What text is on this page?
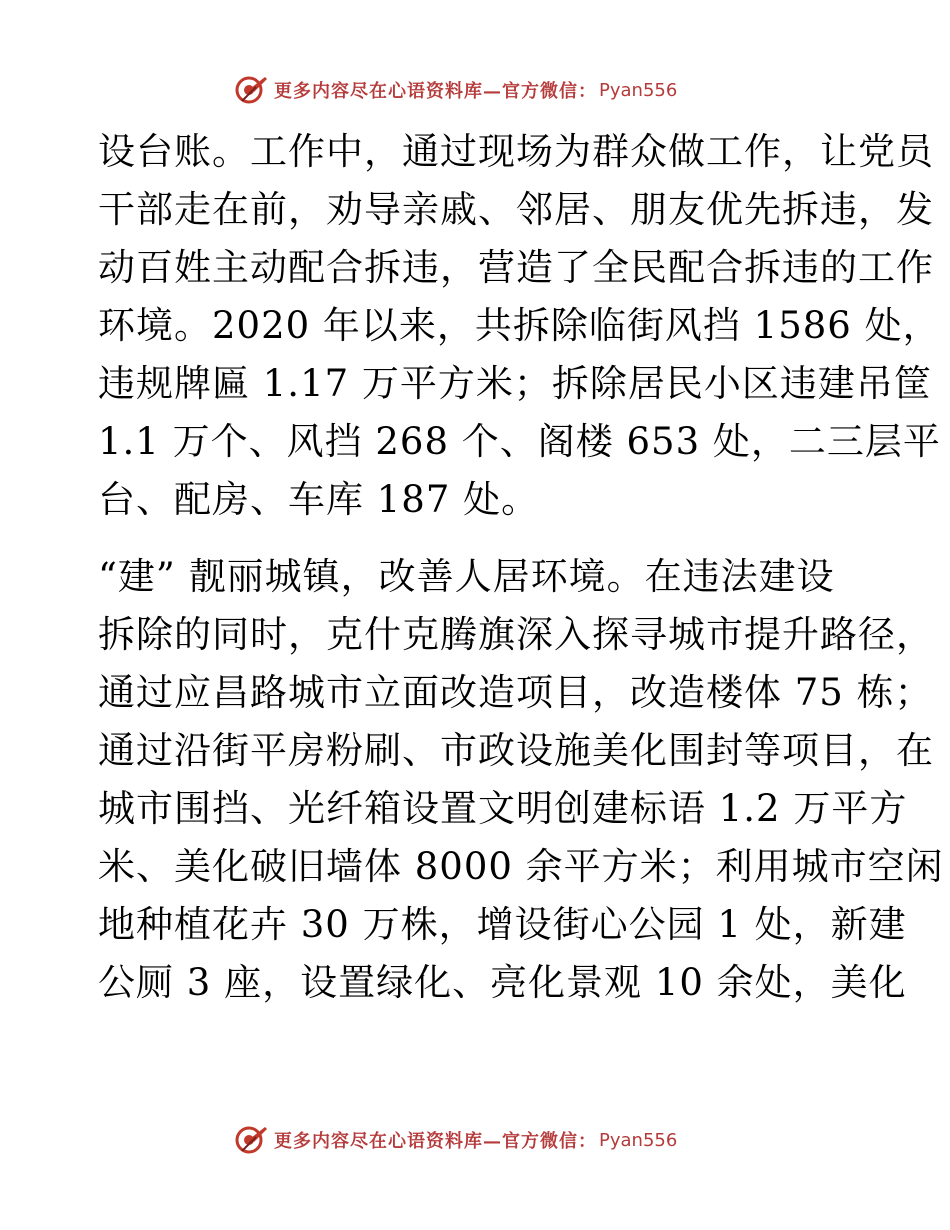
更多内容尽在心语资料库—官方微信： Pyan556
设台账。工作中，通过现场为群众做工作，让党员
干部走在前，劝导亲戚、邻居、朋友优先拆违，发
动百姓主动配合拆违，营造了全民配合拆违的工作
环境。2020 年以来，共拆除临街风挡 1586 处，
违规牌匾 1.17 万平方米；拆除居民小区违建吊筐
1.1 万个、风挡 268 个、阁楼 653 处，二三层平
台、配房、车库 187 处。
“建” 靓丽城镇，改善人居环境。在违法建设
拆除的同时，克什克腾旗深入探寻城市提升路径，
通过应昌路城市立面改造项目，改造楼体 75 栋；
通过沿街平房粉刷、市政设施美化围封等项目，在
城市围挡、光纤箱设置文明创建标语 1.2 万平方
米、美化破旧墙体 8000 余平方米；利用城市空闲
地种植花卉 30 万株，增设街心公园 1 处，新建
公厕 3 座，设置绿化、亮化景观 10 余处，美化
更多内容尽在心语资料库—官方微信： Pyan556
